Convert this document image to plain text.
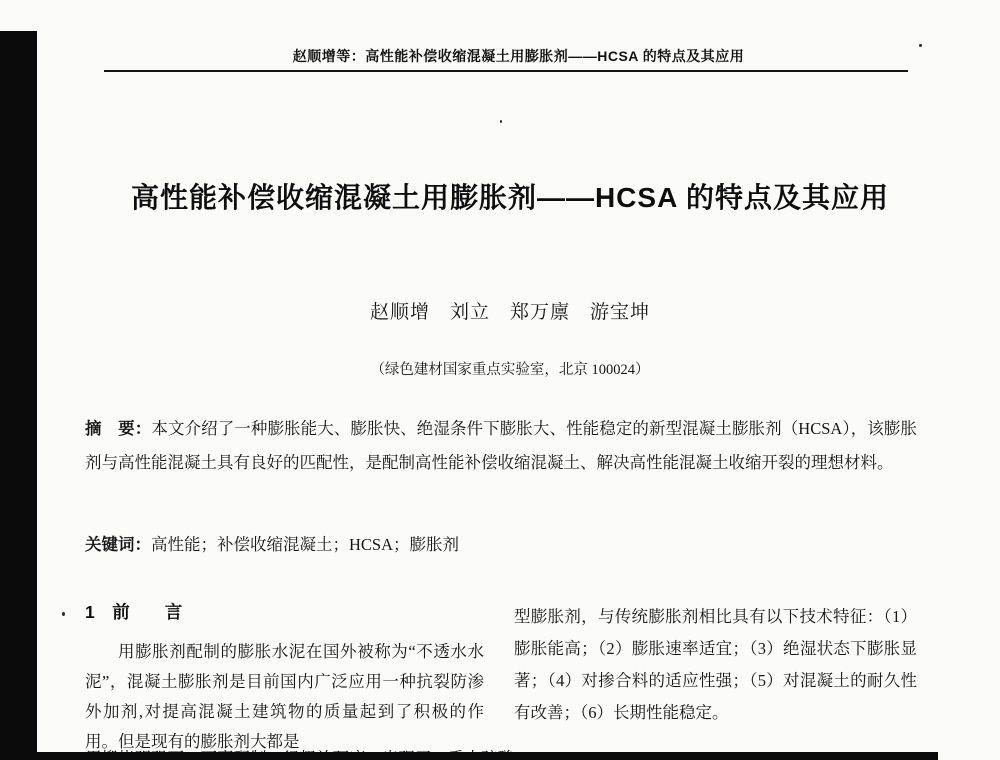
赵顺增等：高性能补偿收缩混凝土用膨胀剂——HCSA 的特点及其应用
高性能补偿收缩混凝土用膨胀剂——HCSA 的特点及其应用
赵顺增　刘立　郑万廪　游宝坤
（绿色建材国家重点实验室，北京 100024）

摘　要：本文介绍了一种膨胀能大、膨胀快、绝湿条件下膨胀大、性能稳定的新型混凝土膨胀剂（HCSA），该膨胀剂与高性能混凝土具有良好的匹配性，是配制高性能补偿收缩混凝土、解决高性能混凝土收缩开裂的理想材料。

关键词：高性能；补偿收缩混凝土；HCSA；膨胀剂

1　前　　言

用膨胀剂配制的膨胀水泥在国外被称为“不透水水泥”，混凝土膨胀剂是目前国内广泛应用一种抗裂防渗外加剂,对提高混凝土建筑物的质量起到了积极的作用。但是现有的膨胀剂大都是

型膨胀剂，与传统膨胀剂相比具有以下技术特征：（1）膨胀能高；（2）膨胀速率适宜；（3）绝湿状态下膨胀显著；（4）对掺合料的适应性强；（5）对混凝土的耐久性有改善；（6）长期性能稳定。
